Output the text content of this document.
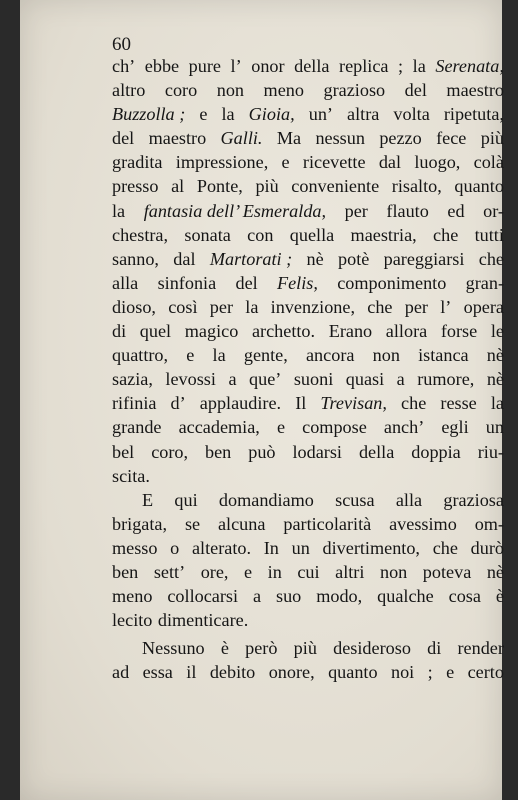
60
ch’ ebbe pure l’ onor della replica ; la Serenata,
altro coro non meno grazioso del maestro
Buzzolla ; e la Gioia, un’ altra volta ripetuta,
del maestro Galli. Ma nessun pezzo fece più
gradita impressione, e ricevette dal luogo, colà
presso al Ponte, più conveniente risalto, quanto
la fantasia dell’ Esmeralda, per flauto ed or-
chestra, sonata con quella maestria, che tutti
sanno, dal Martorati ; nè potè pareggiarsi che
alla sinfonia del Felis, componimento gran-
dioso, così per la invenzione, che per l’ opera
di quel magico archetto. Erano allora forse le
quattro, e la gente, ancora non istanca nè
sazia, levossi a que’ suoni quasi a rumore, nè
rifinia d’ applaudire. Il Trevisan, che resse la
grande accademia, e compose anch’ egli un
bel coro, ben può lodarsi della doppia riu-
scita.
E qui domandiamo scusa alla graziosa
brigata, se alcuna particolarità avessimo om-
messo o alterato. In un divertimento, che durò
ben sett’ ore, e in cui altri non poteva nè
meno collocarsi a suo modo, qualche cosa è
lecito dimenticare.
Nessuno è però più desideroso di render
ad essa il debito onore, quanto noi ; e certo
